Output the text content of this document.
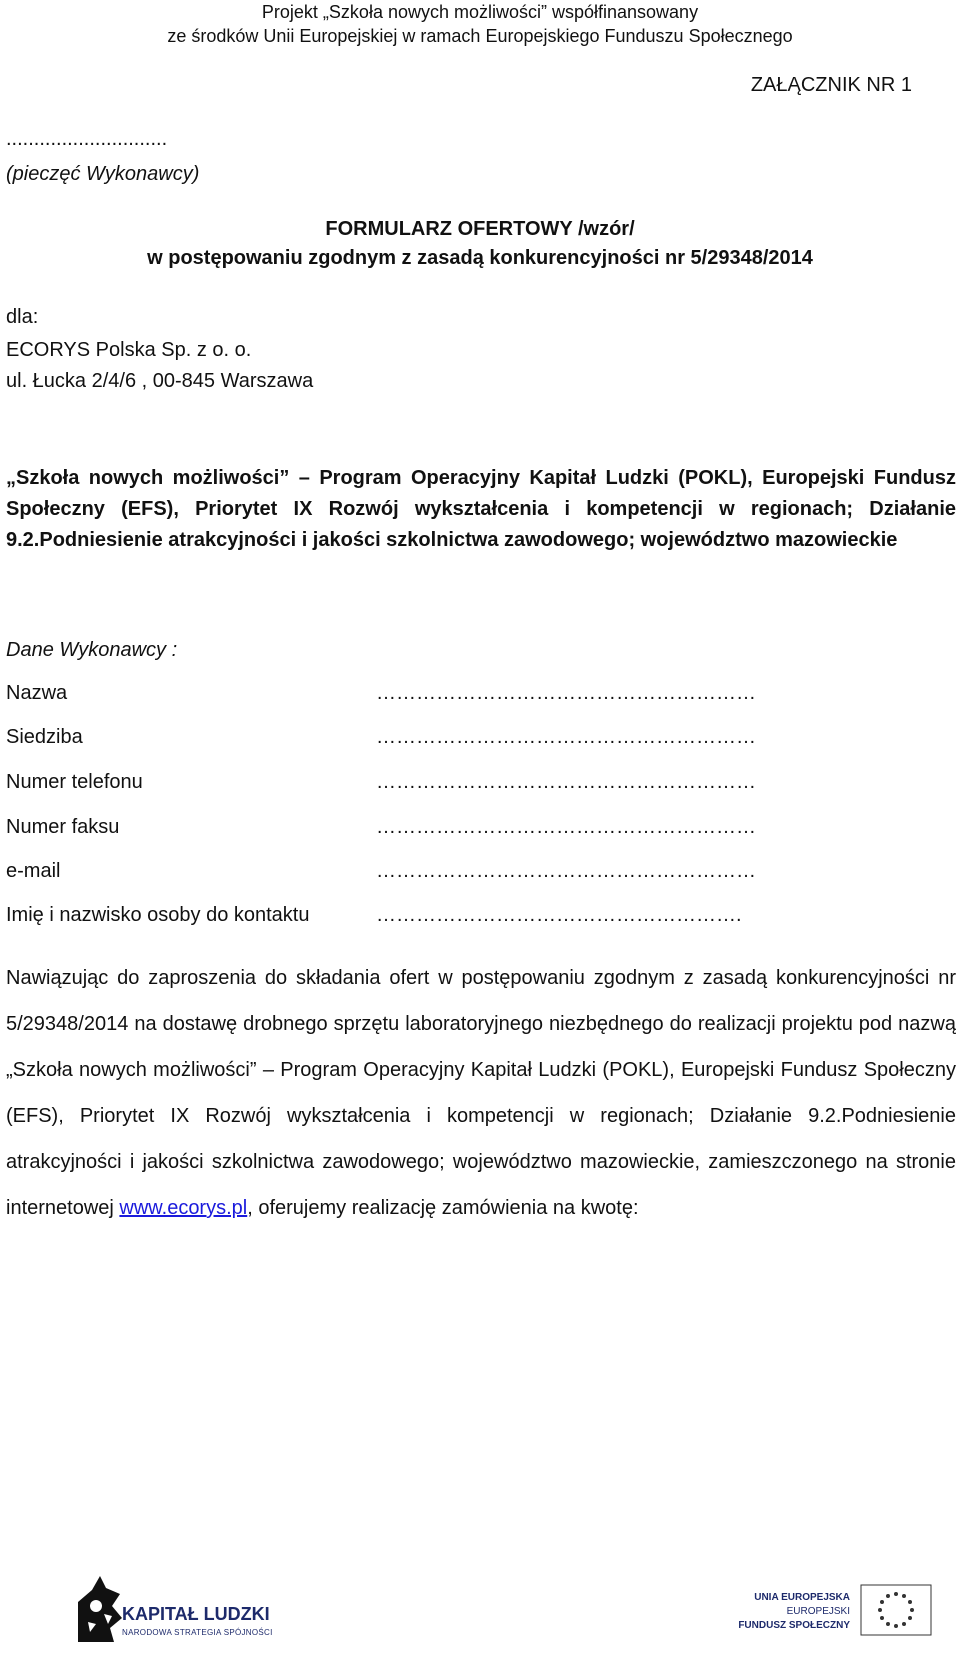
Projekt „Szkoła nowych możliwości” współfinansowany
ze środków Unii Europejskiej w ramach Europejskiego Funduszu Społecznego
ZAŁĄCZNIK NR 1
.............................
(pieczęć Wykonawcy)
FORMULARZ OFERTOWY /wzór/
w postępowaniu zgodnym z zasadą konkurencyjności nr 5/29348/2014
dla:
ECORYS Polska Sp. z o. o.
ul. Łucka 2/4/6 , 00-845 Warszawa
„Szkoła nowych możliwości” – Program Operacyjny Kapitał Ludzki (POKL), Europejski Fundusz Społeczny (EFS), Priorytet IX Rozwój wykształcenia i kompetencji w regionach; Działanie 9.2.Podniesienie atrakcyjności i jakości szkolnictwa zawodowego; województwo mazowieckie
Dane Wykonawcy :
Nazwa	…………………………………………………
Siedziba	…………………………………………………
Numer telefonu	…………………………………………………
Numer faksu	…………………………………………………
e-mail	…………………………………………………
Imię i nazwisko osoby do kontaktu	……………………………………………….
Nawiązując do zaproszenia do składania ofert w postępowaniu zgodnym z zasadą konkurencyjności nr 5/29348/2014 na dostawę drobnego sprzętu laboratoryjnego niezbędnego do realizacji projektu pod nazwą „Szkoła nowych możliwości” – Program Operacyjny Kapitał Ludzki (POKL), Europejski Fundusz Społeczny (EFS), Priorytet IX Rozwój wykształcenia i kompetencji w regionach; Działanie 9.2.Podniesienie atrakcyjności i jakości szkolnictwa zawodowego; województwo mazowieckie, zamieszczonego na stronie internetowej www.ecorys.pl, oferujemy realizację zamówienia na kwotę:
KAPITAŁ LUDZKI
NARODOWA STRATEGIA SPÓJNOŚCI
UNIA EUROPEJSKA
EUROPEJSKI
FUNDUSZ SPOŁECZNY
